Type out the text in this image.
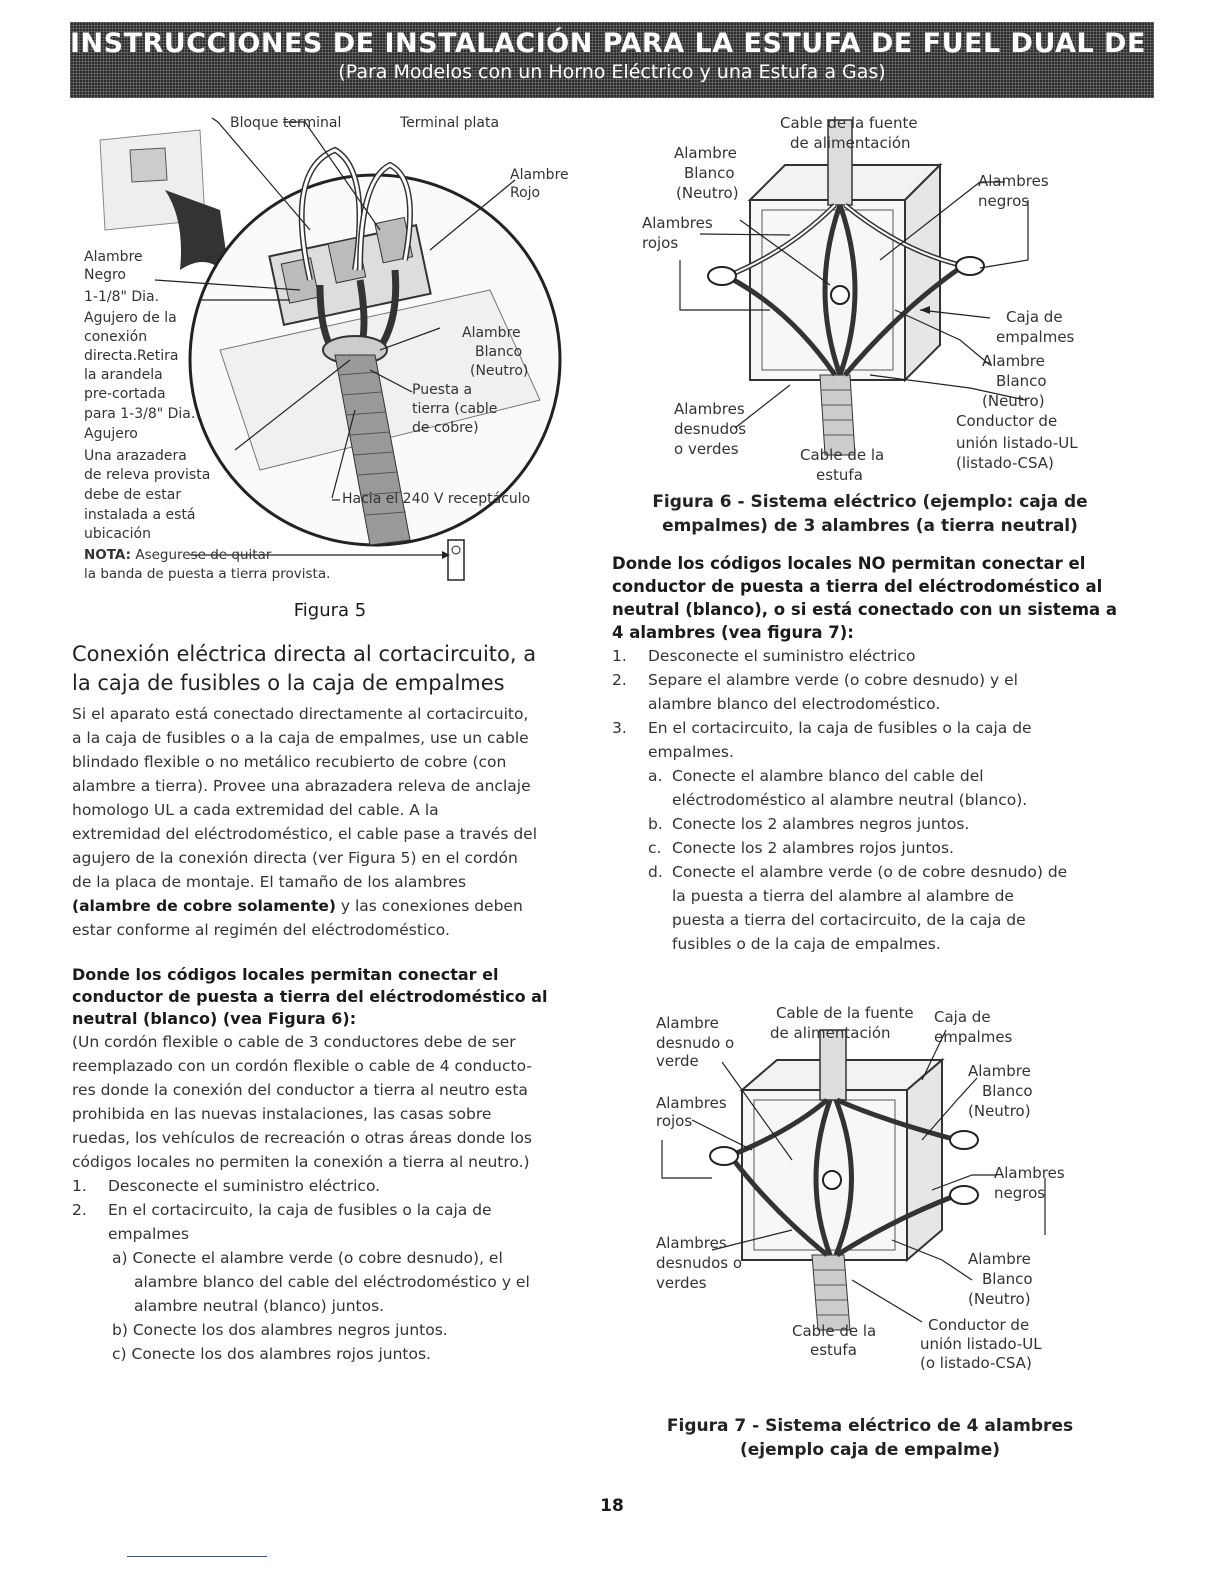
INSTRUCCIONES DE INSTALACIÓN PARA LA ESTUFA DE FUEL DUAL DE 30"
(Para Modelos con un Horno Eléctrico y una Estufa a Gas)
Bloque terminal	Terminal plata
Alambre
Rojo
Alambre
Negro
1-1/8" Dia.
Agujero de la
conexión
directa.Retira
la arandela
pre-cortada
para 1-3/8" Dia.
Agujero
Una arazadera
de releva provista
debe de estar
instalada a está
ubicación
Alambre
Blanco
(Neutro)
Puesta a
tierra (cable
de cobre)
Hacia el 240 V receptáculo
NOTA: Asegurese de quitar
la banda de puesta a tierra provista.
Figura 5
Conexión eléctrica directa al cortacircuito, a
la caja de fusibles o la caja de empalmes
Si el aparato está conectado directamente al cortacircuito,
a la caja de fusibles o a la caja de empalmes, use un cable
blindado flexible o no metálico recubierto de cobre (con
alambre a tierra). Provee una abrazadera releva de anclaje
homologo UL a cada extremidad del cable. A la
extremidad del eléctrodoméstico, el cable pase a través del
agujero de la conexión directa (ver Figura 5) en el cordón
de la placa de montaje. El tamaño de los alambres
(alambre de cobre solamente) y las conexiones deben
estar conforme al regimén del eléctrodoméstico.
Donde los códigos locales permitan conectar el
conductor de puesta a tierra del eléctrodoméstico al
neutral (blanco) (vea Figura 6):
(Un cordón flexible o cable de 3 conductores debe de ser
reemplazado con un cordón flexible o cable de 4 conducto-
res donde la conexión del conductor a tierra al neutro esta
prohibida en las nuevas instalaciones, las casas sobre
ruedas, los vehículos de recreación o otras áreas donde los
códigos locales no permiten la conexión a tierra al neutro.)
1.	Desconecte el suministro eléctrico.
2.	En el cortacircuito, la caja de fusibles o la caja de
empalmes
a) Conecte el alambre verde (o cobre desnudo), el
alambre blanco del cable del eléctrodoméstico y el
alambre neutral (blanco) juntos.
b) Conecte los dos alambres negros juntos.
c) Conecte los dos alambres rojos juntos.
Cable de la fuente
de alimentación
Alambre
Blanco
(Neutro)
Alambres
rojos
Alambres
negros
Caja de
empalmes
Alambre
Blanco
(Neutro)
Alambres
desnudos
o verdes	Cable de la
estufa
Conductor de
unión listado-UL
(listado-CSA)
Figura 6 - Sistema eléctrico (ejemplo: caja de
empalmes) de 3 alambres (a tierra neutral)
Donde los códigos locales NO permitan conectar el
conductor de puesta a tierra del eléctrodoméstico al
neutral (blanco), o si está conectado con un sistema a
4 alambres (vea figura 7):
1.	Desconecte el suministro eléctrico
2.	Separe el alambre verde (o cobre desnudo) y el
alambre blanco del electrodoméstico.
3.	En el cortacircuito, la caja de fusibles o la caja de
empalmes.
a. Conecte el alambre blanco del cable del
eléctrodoméstico al alambre neutral (blanco).
b. Conecte los 2 alambres negros juntos.
c. Conecte los 2 alambres rojos juntos.
d. Conecte el alambre verde (o de cobre desnudo) de
la puesta a tierra del alambre al alambre de
puesta a tierra del cortacircuito, de la caja de
fusibles o de la caja de empalmes.
Alambre
desnudo o
verde
Cable de la fuente
de alimentación
Caja de
empalmes
Alambres
rojos
Alambre
Blanco
(Neutro)
Alambres
negros
Alambres
desnudos o
verdes
Alambre
Blanco
(Neutro)
Cable de la
estufa
Conductor de
unión listado-UL
(o listado-CSA)
Figura 7 - Sistema eléctrico de 4 alambres
(ejemplo caja de empalme)
18
